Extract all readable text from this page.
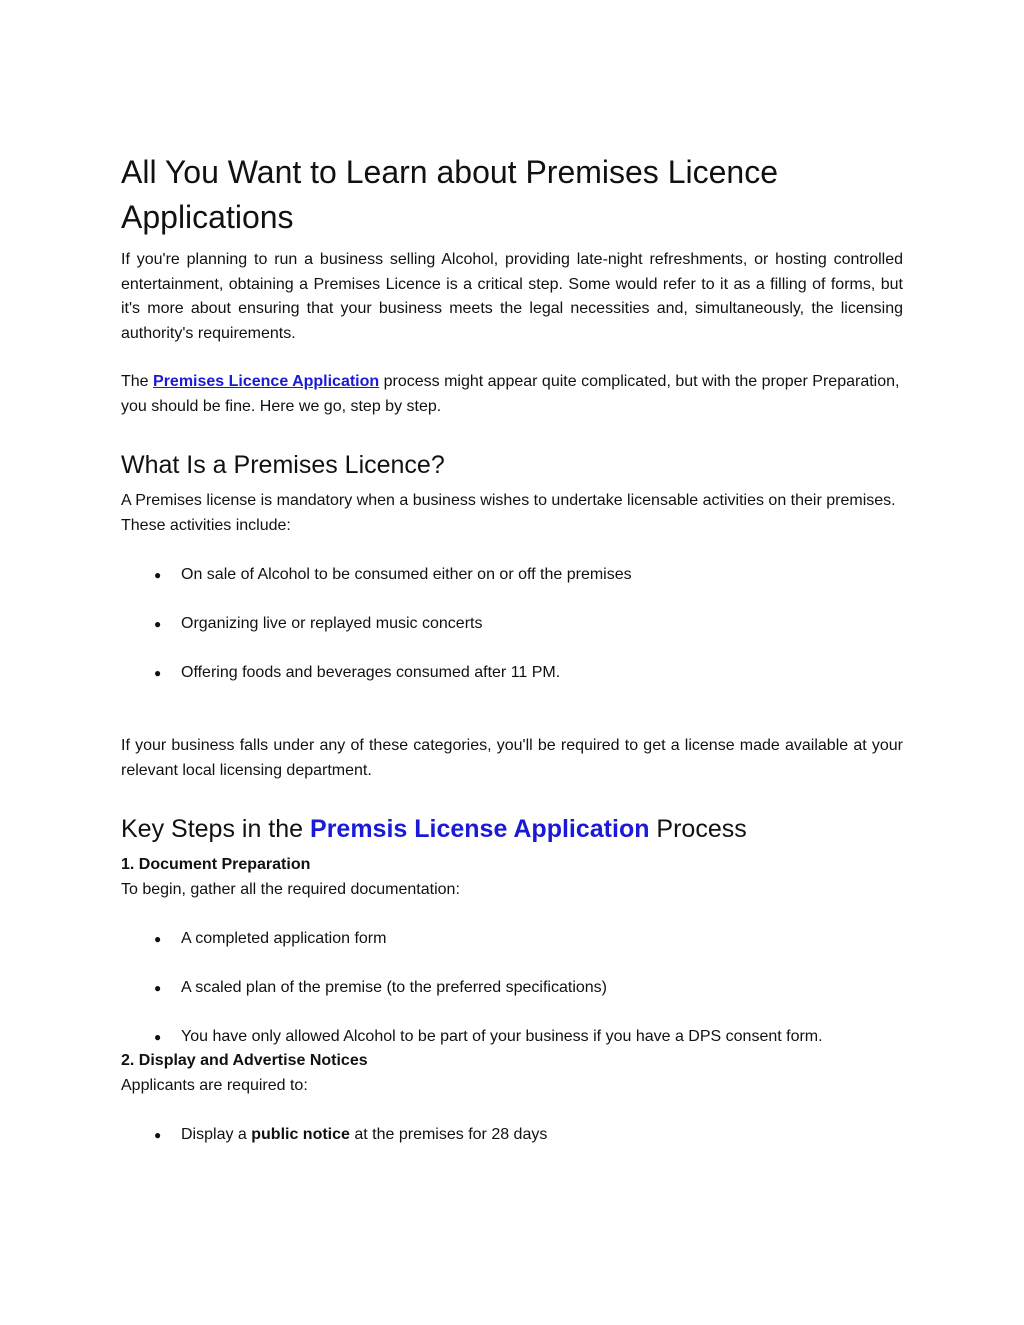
All You Want to Learn about Premises Licence Applications

If you're planning to run a business selling Alcohol, providing late-night refreshments, or hosting controlled entertainment, obtaining a Premises Licence is a critical step. Some would refer to it as a filling of forms, but it's more about ensuring that your business meets the legal necessities and, simultaneously, the licensing authority's requirements.

The Premises Licence Application process might appear quite complicated, but with the proper Preparation, you should be fine. Here we go, step by step.

What Is a Premises Licence?

A Premises license is mandatory when a business wishes to undertake licensable activities on their premises.

These activities include:

● On sale of Alcohol to be consumed either on or off the premises
● Organizing live or replayed music concerts
● Offering foods and beverages consumed after 11 PM.

If your business falls under any of these categories, you'll be required to get a license made available at your relevant local licensing department.

Key Steps in the Premsis License Application Process

1. Document Preparation

To begin, gather all the required documentation:

● A completed application form
● A scaled plan of the premise (to the preferred specifications)
● You have only allowed Alcohol to be part of your business if you have a DPS consent form.

2. Display and Advertise Notices

Applicants are required to:

● Display a public notice at the premises for 28 days
